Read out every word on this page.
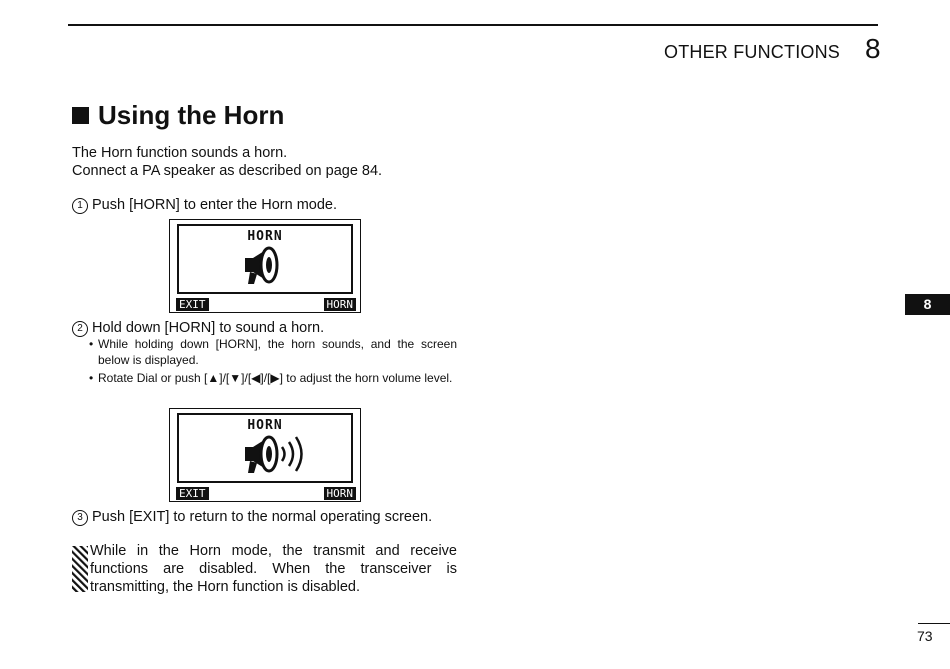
OTHER FUNCTIONS 8
Using the Horn
The Horn function sounds a horn.
Connect a PA speaker as described on page 84.
1 Push [HORN] to enter the Horn mode.
HORN
EXIT	HORN
2 Hold down [HORN] to sound a horn.
• While holding down [HORN], the horn sounds, and the screen below is displayed.
• Rotate Dial or push [▲]/[▼]/[◀]/[▶] to adjust the horn volume level.
HORN
EXIT	HORN
3 Push [EXIT] to return to the normal operating screen.
While in the Horn mode, the transmit and receive functions are disabled. When the transceiver is transmitting, the Horn function is disabled.
8
73
